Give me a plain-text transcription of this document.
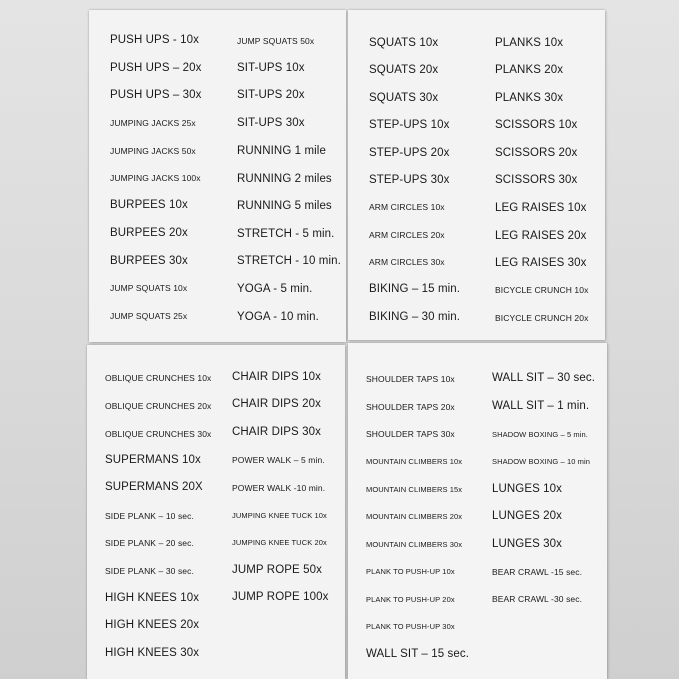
PUSH UPS - 10x
PUSH UPS – 20x
PUSH UPS – 30x
JUMPING JACKS 25x
JUMPING JACKS 50x
JUMPING JACKS 100x
BURPEES 10x
BURPEES 20x
BURPEES 30x
JUMP SQUATS 10x
JUMP SQUATS 25x
JUMP SQUATS 50x
SIT-UPS 10x
SIT-UPS 20x
SIT-UPS 30x
RUNNING 1 mile
RUNNING 2 miles
RUNNING 5 miles
STRETCH - 5 min.
STRETCH - 10 min.
YOGA - 5 min.
YOGA - 10 min.
SQUATS 10x
SQUATS 20x
SQUATS 30x
STEP-UPS 10x
STEP-UPS 20x
STEP-UPS 30x
ARM CIRCLES 10x
ARM CIRCLES 20x
ARM CIRCLES 30x
BIKING – 15 min.
BIKING – 30 min.
PLANKS 10x
PLANKS 20x
PLANKS 30x
SCISSORS 10x
SCISSORS 20x
SCISSORS 30x
LEG RAISES 10x
LEG RAISES 20x
LEG RAISES 30x
BICYCLE CRUNCH 10x
BICYCLE CRUNCH 20x
OBLIQUE CRUNCHES 10x
OBLIQUE CRUNCHES 20x
OBLIQUE CRUNCHES 30x
SUPERMANS 10x
SUPERMANS 20X
SIDE PLANK – 10 sec.
SIDE PLANK – 20 sec.
SIDE PLANK – 30 sec.
HIGH KNEES 10x
HIGH KNEES 20x
HIGH KNEES 30x
CHAIR DIPS 10x
CHAIR DIPS 20x
CHAIR DIPS 30x
POWER WALK – 5 min.
POWER WALK -10 min.
JUMPING KNEE TUCK 10x
JUMPING KNEE TUCK 20x
JUMP ROPE 50x
JUMP ROPE 100x
SHOULDER TAPS 10x
SHOULDER TAPS 20x
SHOULDER TAPS 30x
MOUNTAIN CLIMBERS 10x
MOUNTAIN CLIMBERS 15x
MOUNTAIN CLIMBERS 20x
MOUNTAIN CLIMBERS 30x
PLANK TO PUSH-UP 10x
PLANK TO PUSH-UP 20x
PLANK TO PUSH-UP 30x
WALL SIT – 15 sec.
WALL SIT – 30 sec.
WALL SIT – 1 min.
SHADOW BOXING – 5 min.
SHADOW BOXING – 10 min
LUNGES 10x
LUNGES 20x
LUNGES 30x
BEAR CRAWL -15 sec.
BEAR CRAWL -30 sec.
